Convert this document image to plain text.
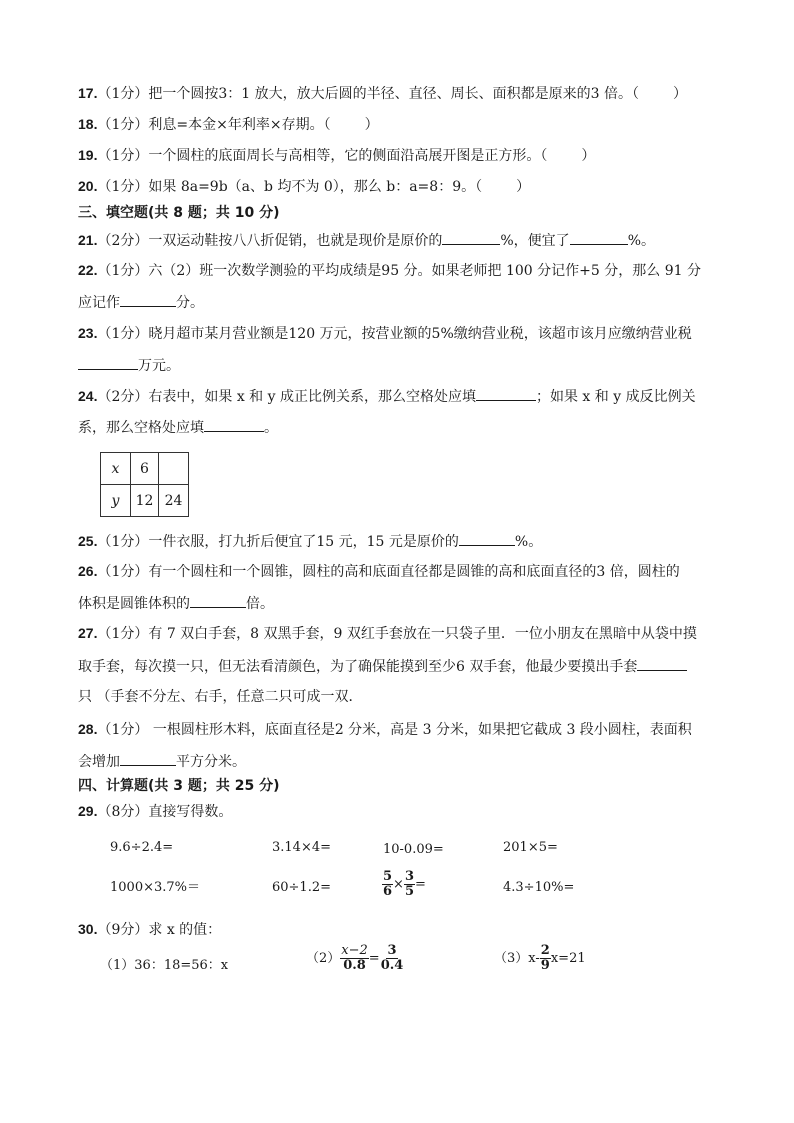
17.（1分）把一个圆按3：1 放大，放大后圆的半径、直径、周长、面积都是原来的3 倍。（ ）
18.（1分）利息=本金×年利率×存期。（ ）
19.（1分）一个圆柱的底面周长与高相等，它的侧面沿高展开图是正方形。（ ）
20.（1分）如果 8a=9b（a、b 均不为 0），那么 b：a=8：9。（ ）
三、填空题(共 8 题；共 10 分)
21.（2分）一双运动鞋按八八折促销，也就是现价是原价的	%，便宜了	%。
22.（1分）六（2）班一次数学测验的平均成绩是95 分。如果老师把 100 分记作+5 分，那么 91 分
应记作	分。
23.（1分）晓月超市某月营业额是120 万元，按营业额的5%缴纳营业税，该超市该月应缴纳营业税
万元。
24.（2分）右表中，如果 x 和 y 成正比例关系，那么空格处应填	；如果 x 和 y 成反比例关
系，那么空格处应填	。
x	6	
y	12	24
25.（1分）一件衣服，打九折后便宜了15 元，15 元是原价的	%。
26.（1分）有一个圆柱和一个圆锥，圆柱的高和底面直径都是圆锥的高和底面直径的3 倍，圆柱的
体积是圆锥体积的	倍。
27.（1分）有 7 双白手套，8 双黑手套，9 双红手套放在一只袋子里．一位小朋友在黑暗中从袋中摸
取手套，每次摸一只，但无法看清颜色，为了确保能摸到至少6 双手套，他最少要摸出手套
只 （手套不分左、右手，任意二只可成一双．
28.（1分） 一根圆柱形木料，底面直径是2 分米，高是 3 分米，如果把它截成 3 段小圆柱，表面积
会增加	平方分米。
四、计算题(共 3 题；共 25 分)
29.（8分）直接写得数。
9.6÷2.4=	3.14×4=	10-0.09=	201×5=
1000×3.7%＝	60÷1.2=	$\frac{5}{6} \times \frac{3}{5}$ =	4.3÷10%=
30.（9分）求 x 的值：
（1）36：18=56：x	$(2) \frac{x-2}{0.8} = \frac{3}{0.4}$	$(3)x- \frac{2}{9} x=21$
